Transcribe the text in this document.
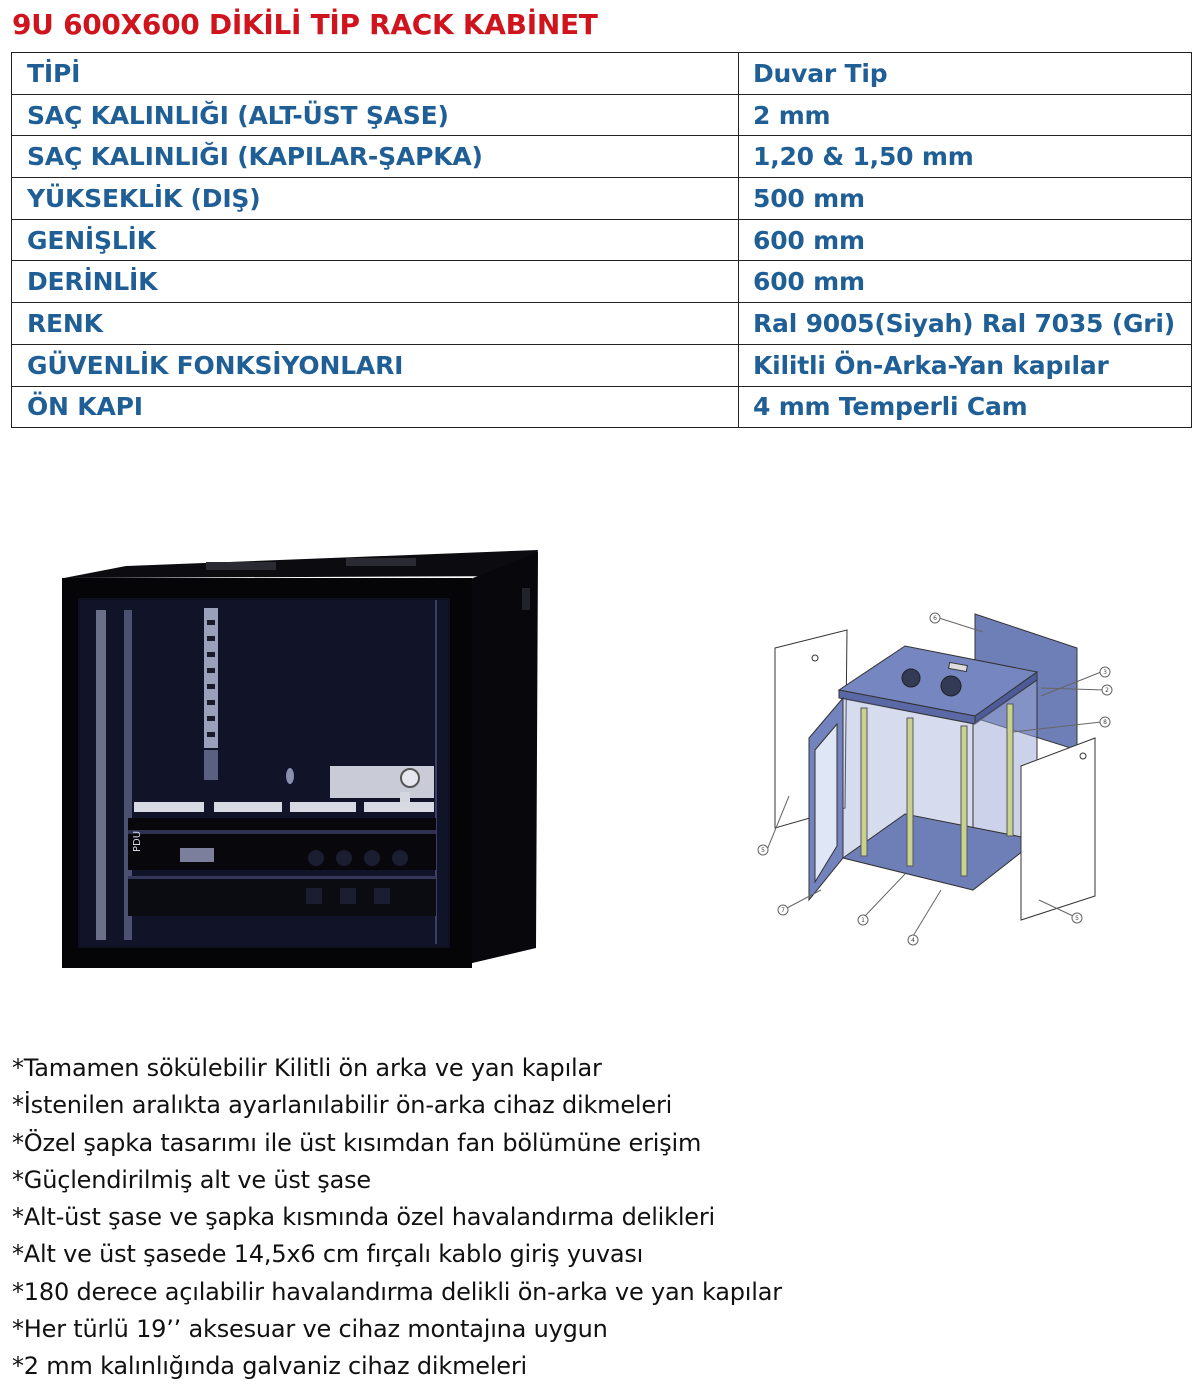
9U 600X600 DİKİLİ TİP RACK KABİNET
TİPİ	Duvar Tip
SAÇ KALINLIĞI (ALT-ÜST ŞASE)	2 mm
SAÇ KALINLIĞI (KAPILAR-ŞAPKA)	1,20 & 1,50 mm
YÜKSEKLİK (DIŞ)	500 mm
GENİŞLİK	600 mm
DERİNLİK	600 mm
RENK	Ral 9005(Siyah) Ral 7035 (Gri)
GÜVENLİK FONKSİYONLARI	Kilitli Ön-Arka-Yan kapılar
ÖN KAPI	4 mm Temperli Cam
PDU
1
2
3
4
5
5
6
7
8
*Tamamen sökülebilir Kilitli ön arka ve yan kapılar
*İstenilen aralıkta ayarlanılabilir ön-arka cihaz dikmeleri
*Özel şapka tasarımı ile üst kısımdan fan bölümüne erişim
*Güçlendirilmiş alt ve üst şase
*Alt-üst şase ve şapka kısmında özel havalandırma delikleri
*Alt ve üst şasede 14,5x6 cm fırçalı kablo giriş yuvası
*180 derece açılabilir havalandırma delikli ön-arka ve yan kapılar
*Her türlü 19’’ aksesuar ve cihaz montajına uygun
*2 mm kalınlığında galvaniz cihaz dikmeleri
